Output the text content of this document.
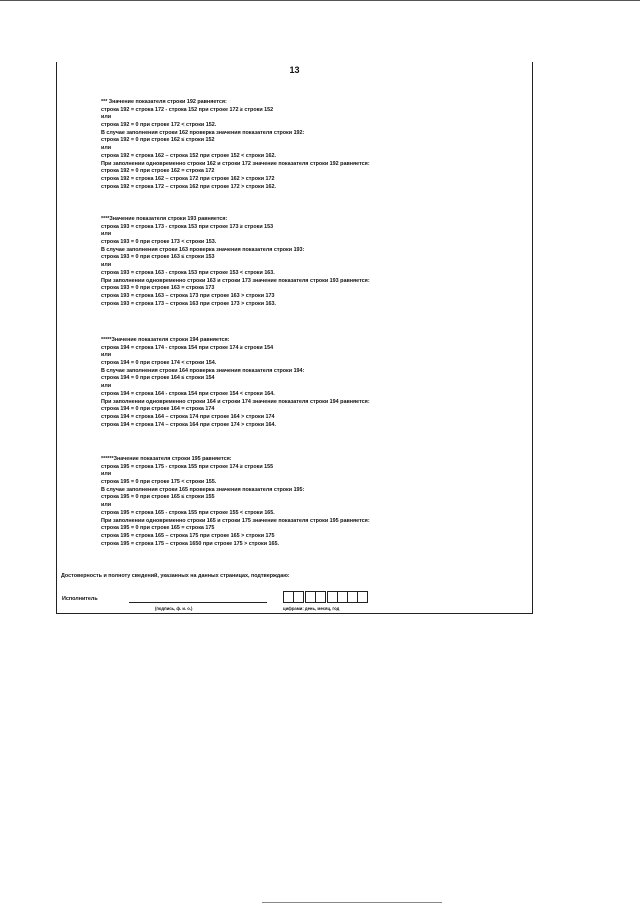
13
*** Значение показателя строки 192 равняется:
строка 192 = строка 172 - строка 152 при строке 172 ≥ строки 152
или
строка 192 = 0 при строке 172 < строки 152.
В случае заполнения строки 162 проверка значения показателя строки 192:
строка 192 = 0 при строке 162 ≤ строки 152
или
строка 192 = строка 162 – строка 152 при строке 152 < строки 162.
При заполнении одновременно строки 162 и строки 172 значение показателя строки 192 равняется:
строка 192 = 0 при строке 162 = строка 172
строка 192 = строка 162 – строка 172 при строке 162 > строки 172
строка 192 = строка 172 – строка 162 при строке 172 > строки 162.
****Значение показателя строки 193 равняется:
строка 193 = строка 173 - строка 153 при строке 173 ≥ строки 153
или
строка 193 = 0 при строке 173 < строки 153.
В случае заполнения строки 163 проверка значения показателя строки 193:
строка 193 = 0 при строке 163 ≤ строки 153
или
строка 193 = строка 163 - строка 153 при строке 153 < строки 163.
При заполнении одновременно строки 163 и строки 173 значение показателя строки 193 равняется:
строка 193 = 0 при строке 163 = строка 173
строка 193 = строка 163 – строка 173 при строке 163 > строки 173
строка 193 = строка 173 – строка 163 при строке 173 > строки 163.
*****Значение показателя строки 194 равняется:
строка 194 = строка 174 - строка 154 при строке 174 ≥ строки 154
или
строка 194 = 0 при строке 174 < строки 154.
В случае заполнения строки 164 проверка значения показателя строки 194:
строка 194 = 0 при строке 164 ≤ строки 154
или
строка 194 = строка 164 - строка 154 при строке 154 < строки 164.
При заполнении одновременно строки 164 и строки 174 значение показателя строки 194 равняется:
строка 194 = 0 при строке 164 = строка 174
строка 194 = строка 164 – строка 174 при строке 164 > строки 174
строка 194 = строка 174 – строка 164 при строке 174 > строки 164.
******Значение показателя строки 195 равняется:
строка 195 = строка 175 - строка 155 при строке 174 ≥ строки 155
или
строка 195 = 0 при строке 175 < строки 155.
В случае заполнения строки 165 проверка значения показателя строки 195:
строка 195 = 0 при строке 165 ≤ строки 155
или
строка 195 = строка 165 - строка 155 при строке 155 < строки 165.
При заполнении одновременно строки 165 и строки 175 значение показателя строки 195 равняется:
строка 195 = 0 при строке 165 = строка 175
строка 195 = строка 165 – строка 175 при строке 165 > строки 175
строка 195 = строка 175 – строка 1650 при строке 175 > строки 165.
Достоверность и полноту сведений, указанных на данных страницах, подтверждаю:
Исполнитель
(подпись, ф. и. о.)	цифрами: день, месяц, год
